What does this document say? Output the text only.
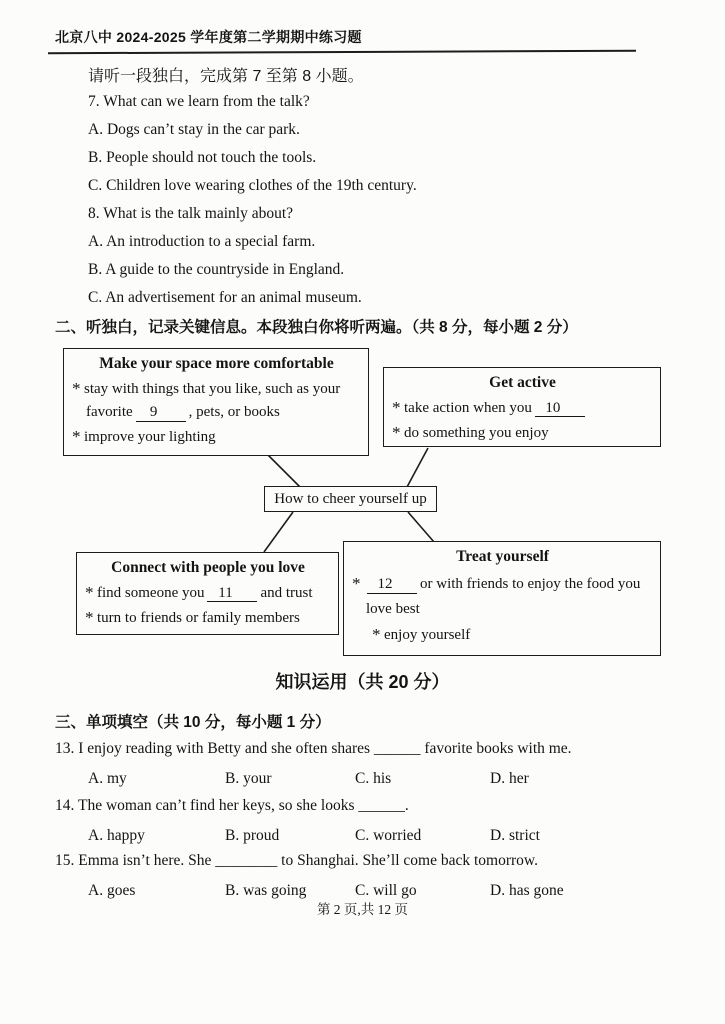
北京八中 2024-2025 学年度第二学期期中练习题
请听一段独白，完成第 7 至第 8 小题。
7. What can we learn from the talk?
A. Dogs can’t stay in the car park.
B. People should not touch the tools.
C. Children love wearing clothes of the 19th century.
8. What is the talk mainly about?
A. An introduction to a special farm.
B. A guide to the countryside in England.
C. An advertisement for an animal museum.
二、听独白，记录关键信息。本段独白你将听两遍。（共 8 分，每小题 2 分）
Make your space more comfortable
* stay with things that you like, such as your favorite 9 , pets, or books
* improve your lighting
Get active
* take action when you 10
* do something you enjoy
How to cheer yourself up
Connect with people you love
* find someone you 11 and trust
* turn to friends or family members
Treat yourself
* 12 or with friends to enjoy the food you love best
* enjoy yourself
知识运用（共 20 分）
三、单项填空（共 10 分，每小题 1 分）
13. I enjoy reading with Betty and she often shares ______ favorite books with me.
A. my	B. your	C. his	D. her
14. The woman can’t find her keys, so she looks ______.
A. happy	B. proud	C. worried	D. strict
15. Emma isn’t here. She ________ to Shanghai. She’ll come back tomorrow.
A. goes	B. was going	C. will go	D. has gone
第 2 页,共 12 页
